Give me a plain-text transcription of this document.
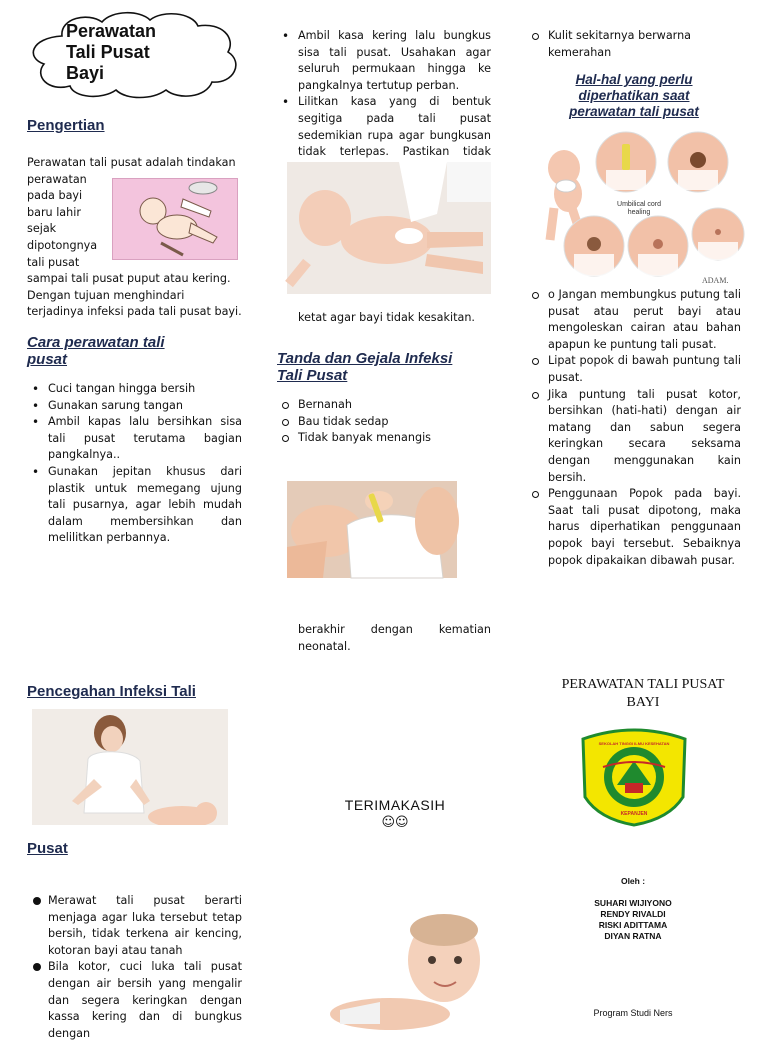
Perawatan
Tali Pusat
Bayi
Pengertian
Perawatan tali pusat adalah tindakan
perawatan
pada bayi
baru lahir
sejak
dipotongnya
tali pusat
sampai tali pusat puput atau kering.
Dengan tujuan menghindari
terjadinya infeksi pada tali pusat bayi.
Cara perawatan tali
pusat
• Cuci tangan hingga bersih
• Gunakan sarung tangan
• Ambil kapas lalu bersihkan sisa tali pusat terutama bagian pangkalnya..
• Gunakan jepitan khusus dari plastik untuk memegang ujung tali pusarnya, agar lebih mudah dalam membersihkan dan melilitkan perbannya.
Pencegahan Infeksi Tali
Pusat
Merawat tali pusat berarti menjaga agar luka tersebut tetap bersih, tidak terkena air kencing, kotoran bayi atau tanah
Bila kotor, cuci luka tali pusat dengan air bersih yang mengalir dan segera keringkan dengan kassa kering dan di bungkus dengan
• Ambil kasa kering lalu bungkus sisa tali pusat. Usahakan agar seluruh permukaan hingga ke pangkalnya tertutup perban.
• Lilitkan kasa yang di bentuk segitiga pada tali pusat sedemikian rupa agar bungkusan tidak terlepas. Pastikan tidak
ketat agar bayi tidak kesakitan.
Tanda dan Gejala Infeksi
Tali Pusat
Bernanah
Bau tidak sedap
Tidak banyak menangis
berakhir dengan kematian neonatal.
TERIMAKASIH
☺☺
Kulit sekitarnya berwarna kemerahan
Hal-hal yang perlu
diperhatikan saat
perawatan tali pusat
Umbilical cord healing
ADAM.
o Jangan membungkus putung tali pusat atau perut bayi atau mengoleskan cairan atau bahan apapun ke puntung tali pusat.
Lipat popok di bawah puntung tali pusat.
Jika puntung tali pusat kotor, bersihkan (hati-hati) dengan air matang dan sabun segera keringkan secara seksama dengan menggunakan kain bersih.
Penggunaan Popok pada bayi. Saat tali pusat dipotong, maka harus diperhatikan penggunaan popok bayi tersebut. Sebaiknya popok dipakaikan dibawah pusar.
PERAWATAN TALI PUSAT
BAYI
SEKOLAH TINGGI ILMU KESEHATAN
KEPANJEN
Oleh :
SUHARI WIJIYONO
RENDY RIVALDI
RISKI ADITTAMA
DIYAN RATNA
Program Studi Ners
